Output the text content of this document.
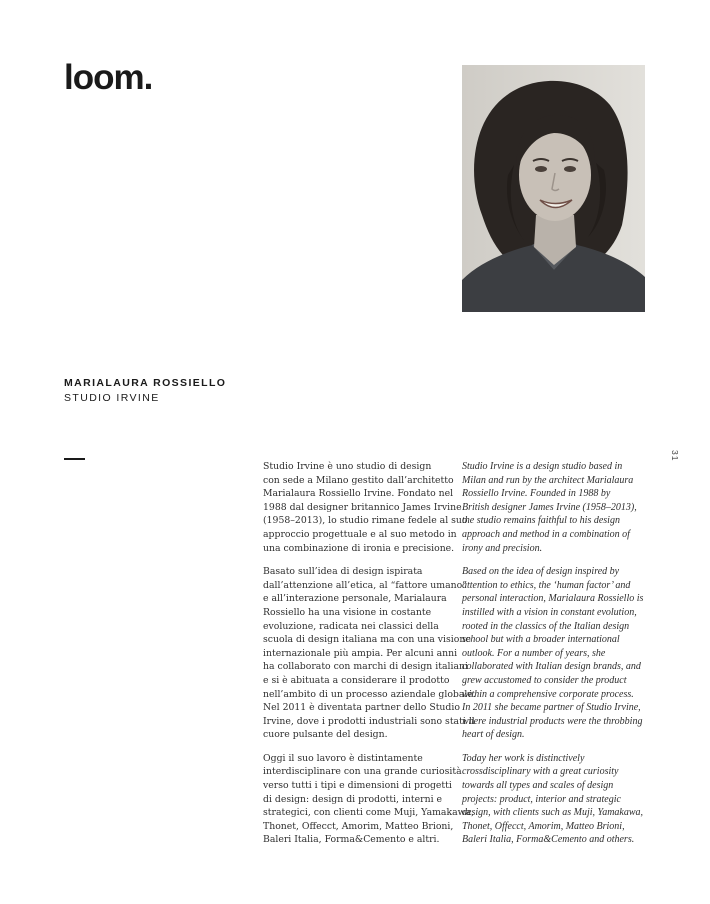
loom.

MARIALAURA ROSSIELLO

STUDIO IRVINE
31

Studio Irvine è uno studio di design
con sede a Milano gestito dall’architetto
Marialaura Rossiello Irvine. Fondato nel
1988 dal designer britannico James Irvine
(1958–2013), lo studio rimane fedele al suo
approccio progettuale e al suo metodo in
una combinazione di ironia e precisione.

Basato sull’idea di design ispirata
dall’attenzione all’etica, al “fattore umano”
e all’interazione personale, Marialaura
Rossiello ha una visione in costante
evoluzione, radicata nei classici della
scuola di design italiana ma con una visione
internazionale più ampia. Per alcuni anni
ha collaborato con marchi di design italiani
e si è abituata a considerare il prodotto
nell’ambito di un processo aziendale globale.
Nel 2011 è diventata partner dello Studio
Irvine, dove i prodotti industriali sono stati il
cuore pulsante del design.

Oggi il suo lavoro è distintamente
interdisciplinare con una grande curiosità
verso tutti i tipi e dimensioni di progetti
di design: design di prodotti, interni e
strategici, con clienti come Muji, Yamakawa,
Thonet, Offecct, Amorim, Matteo Brioni,
Baleri Italia, Forma&Cemento e altri.

Studio Irvine is a design studio based in
Milan and run by the architect Marialaura
Rossiello Irvine. Founded in 1988 by
British designer James Irvine (1958–2013),
the studio remains faithful to his design
approach and method in a combination of
irony and precision.

Based on the idea of design inspired by
attention to ethics, the ‘human factor’ and
personal interaction, Marialaura Rossiello is
instilled with a vision in constant evolution,
rooted in the classics of the Italian design
school but with a broader international
outlook. For a number of years, she
collaborated with Italian design brands, and
grew accustomed to consider the product
within a comprehensive corporate process.
In 2011 she became partner of Studio Irvine,
where industrial products were the throbbing
heart of design.

Today her work is distinctively
crossdisciplinary with a great curiosity
towards all types and scales of design
projects: product, interior and strategic
design, with clients such as Muji, Yamakawa,
Thonet, Offecct, Amorim, Matteo Brioni,
Baleri Italia, Forma&Cemento and others.
